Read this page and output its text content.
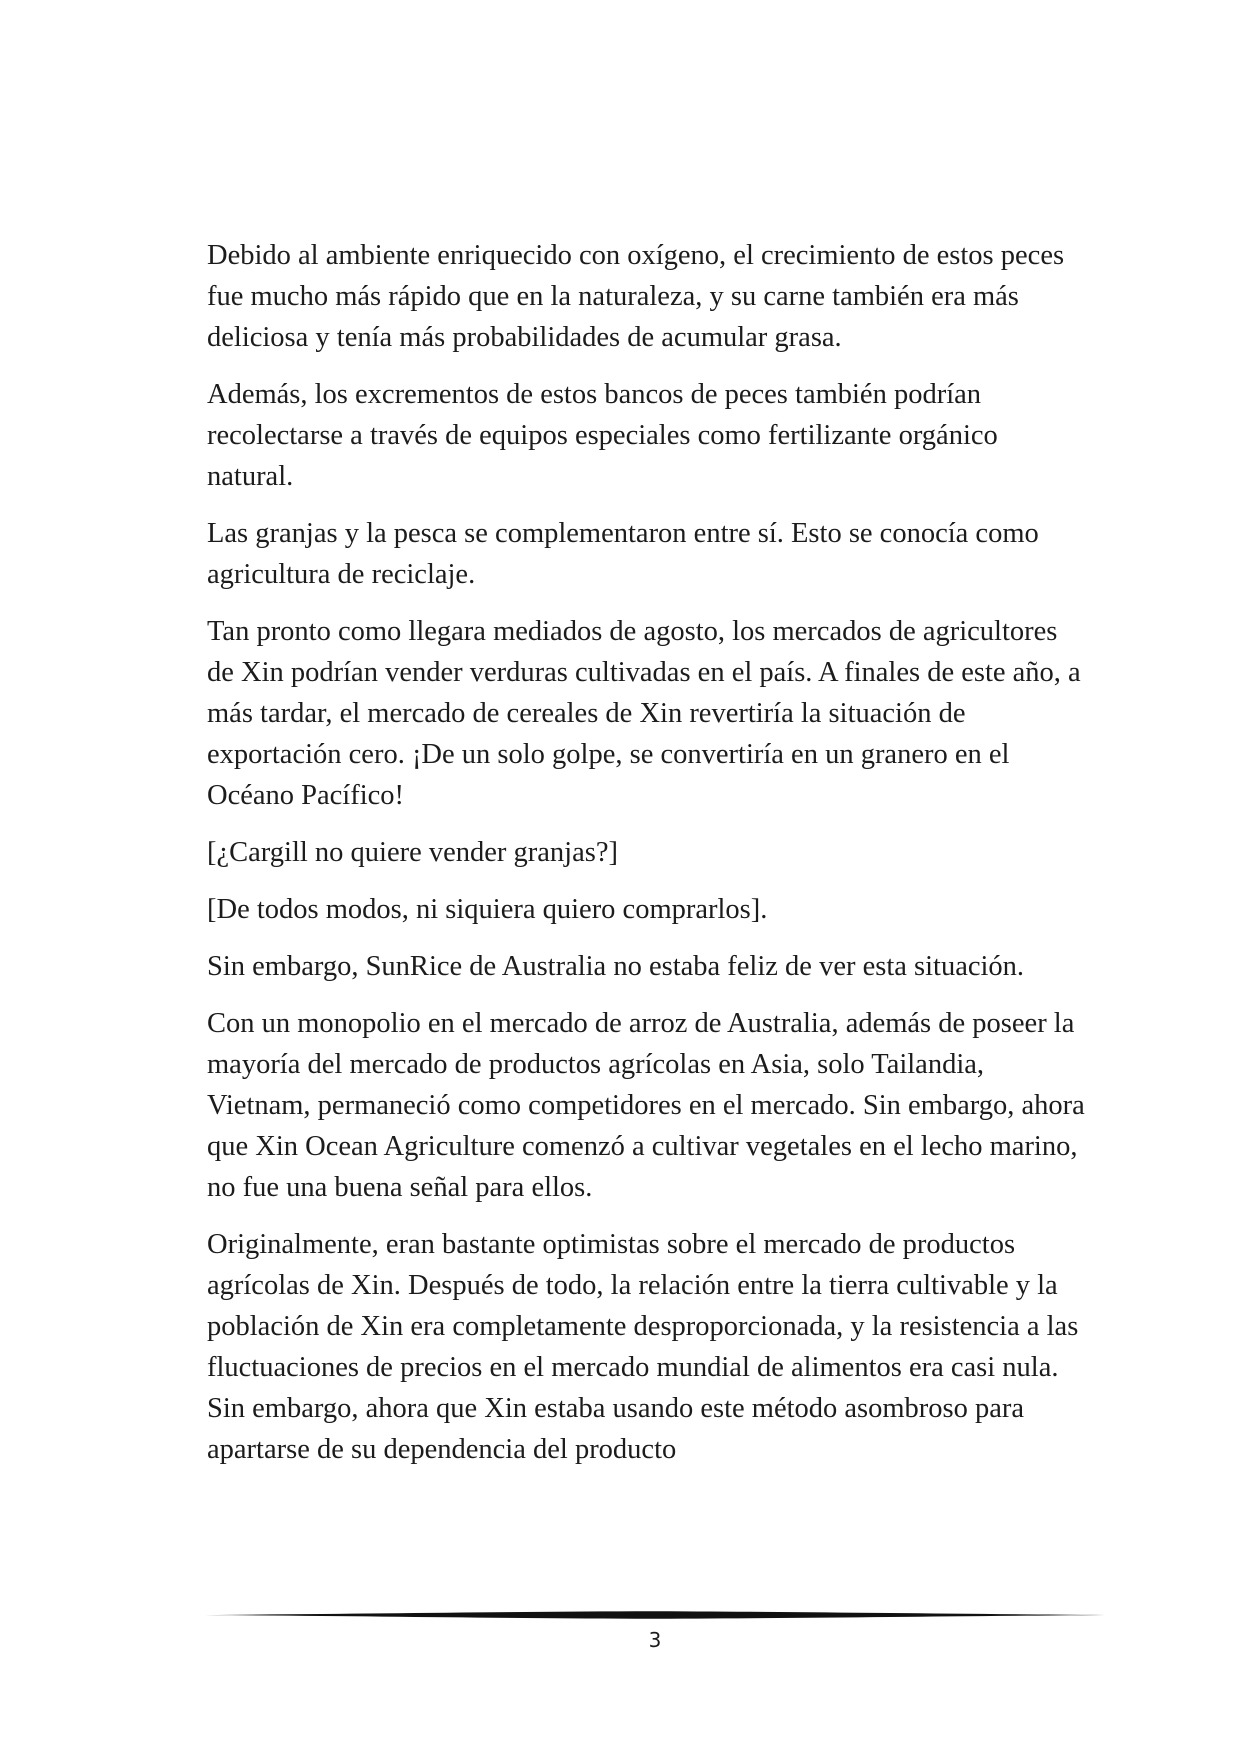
Debido al ambiente enriquecido con oxígeno, el crecimiento de estos peces fue mucho más rápido que en la naturaleza, y su carne también era más deliciosa y tenía más probabilidades de acumular grasa.

Además, los excrementos de estos bancos de peces también podrían recolectarse a través de equipos especiales como fertilizante orgánico natural.

Las granjas y la pesca se complementaron entre sí. Esto se conocía como agricultura de reciclaje.

Tan pronto como llegara mediados de agosto, los mercados de agricultores de Xin podrían vender verduras cultivadas en el país. A finales de este año, a más tardar, el mercado de cereales de Xin revertiría la situación de exportación cero. ¡De un solo golpe, se convertiría en un granero en el Océano Pacífico!

[¿Cargill no quiere vender granjas?]

[De todos modos, ni siquiera quiero comprarlos].

Sin embargo, SunRice de Australia no estaba feliz de ver esta situación.

Con un monopolio en el mercado de arroz de Australia, además de poseer la mayoría del mercado de productos agrícolas en Asia, solo Tailandia, Vietnam, permaneció como competidores en el mercado. Sin embargo, ahora que Xin Ocean Agriculture comenzó a cultivar vegetales en el lecho marino, no fue una buena señal para ellos.

Originalmente, eran bastante optimistas sobre el mercado de productos agrícolas de Xin. Después de todo, la relación entre la tierra cultivable y la población de Xin era completamente desproporcionada, y la resistencia a las fluctuaciones de precios en el mercado mundial de alimentos era casi nula. Sin embargo, ahora que Xin estaba usando este método asombroso para apartarse de su dependencia del producto

3
